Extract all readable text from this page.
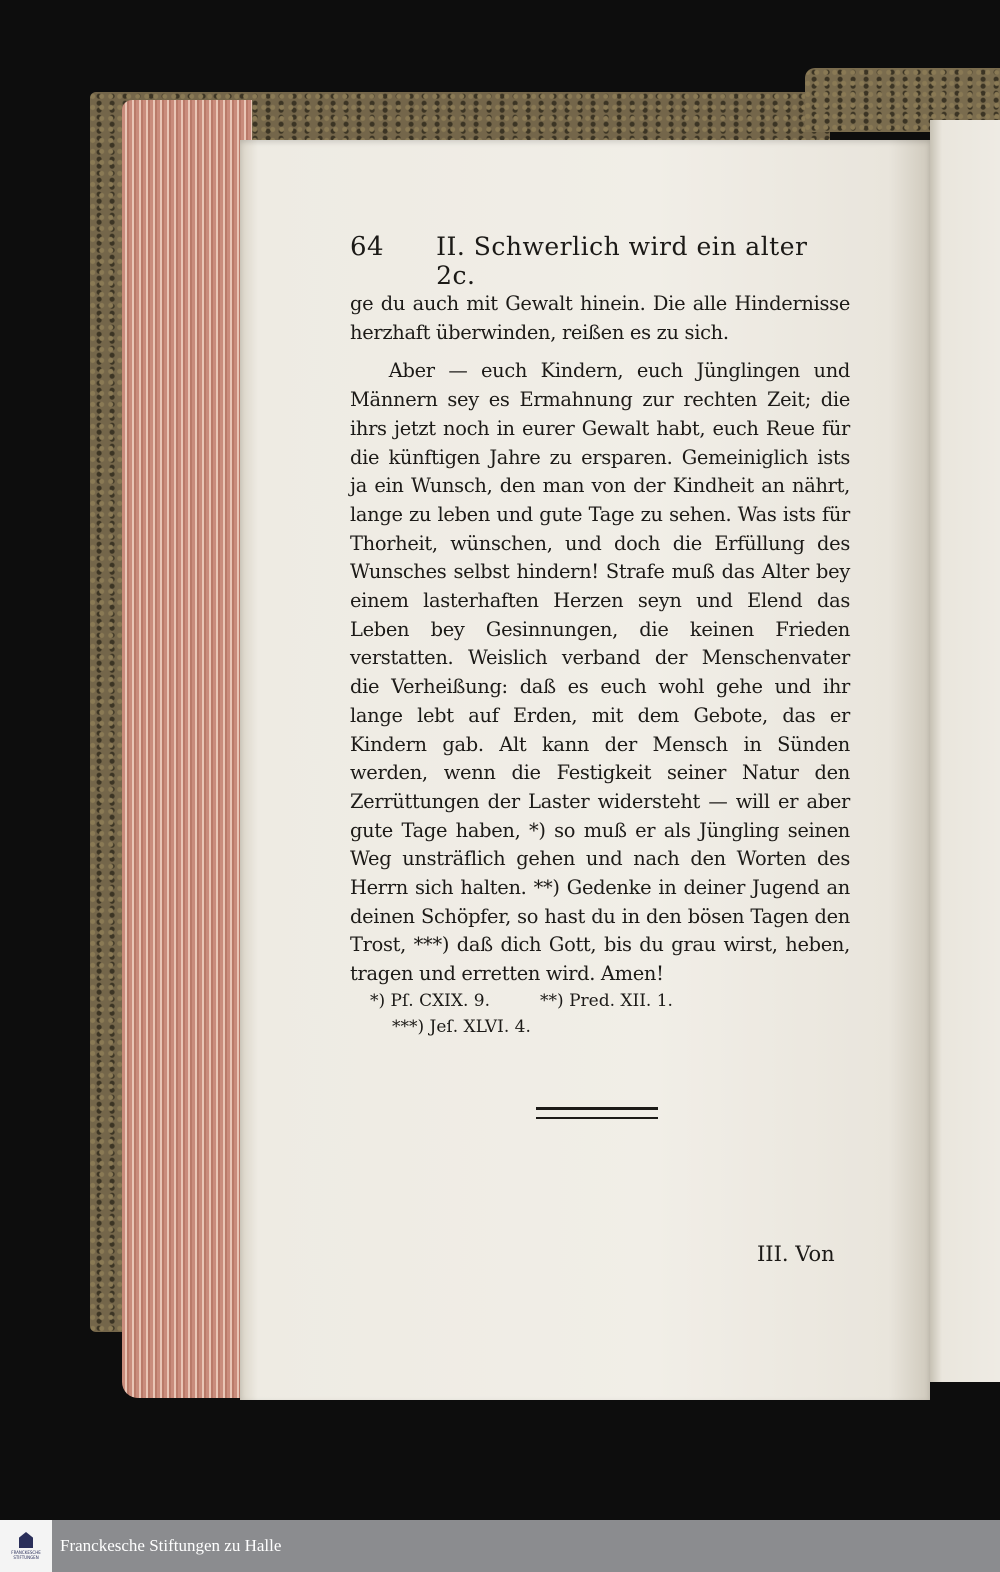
64 II. Schwerlich wird ein alter 2c.

ge du auch mit Gewalt hinein. Die alle Hindernisse herzhaft überwinden, reißen es zu sich.

Aber — euch Kindern, euch Jünglingen und Männern sey es Ermahnung zur rechten Zeit; die ihrs jetzt noch in eurer Gewalt habt, euch Reue für die künftigen Jahre zu ersparen. Gemeiniglich ists ja ein Wunsch, den man von der Kindheit an nährt, lange zu leben und gute Tage zu sehen. Was ists für Thorheit, wünschen, und doch die Erfüllung des Wunsches selbst hindern! Strafe muß das Alter bey einem lasterhaften Herzen seyn und Elend das Leben bey Gesinnungen, die keinen Frieden verstatten. Weislich verband der Menschenvater die Verheißung: daß es euch wohl gehe und ihr lange lebt auf Erden, mit dem Gebote, das er Kindern gab. Alt kann der Mensch in Sünden werden, wenn die Festigkeit seiner Natur den Zerrüttungen der Laster widersteht — will er aber gute Tage haben, *) so muß er als Jüngling seinen Weg unsträflich gehen und nach den Worten des Herrn sich halten. **) Gedenke in deiner Jugend an deinen Schöpfer, so hast du in den bösen Tagen den Trost, ***) daß dich Gott, bis du grau wirst, heben, tragen und erretten wird. Amen!

*) Pſ. CXIX. 9.	**) Pred. XII. 1.
***) Jeſ. XLVI. 4.
III. Von
FRANCKESCHE
STIFTUNGEN
Franckesche Stiftungen zu Halle
